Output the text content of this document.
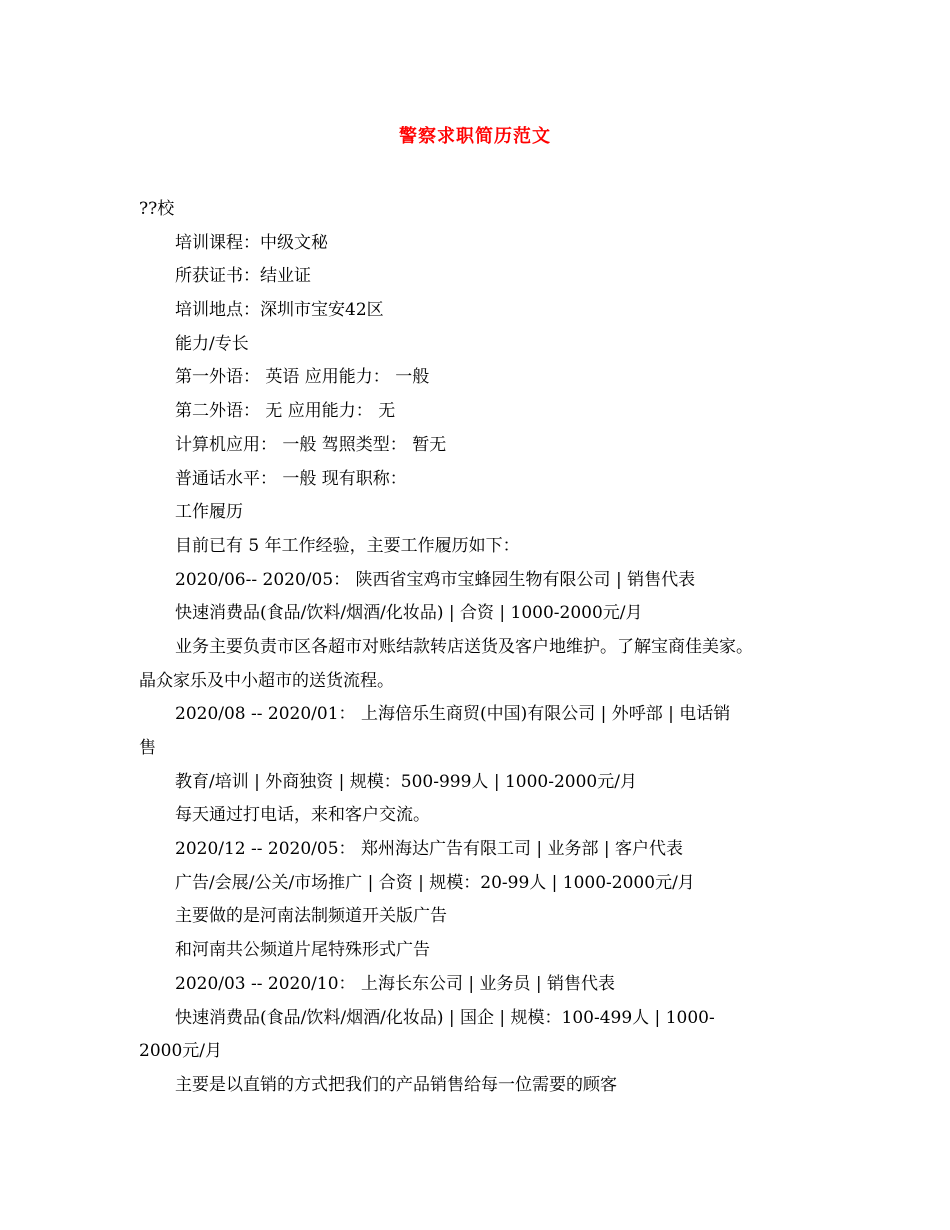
警察求职简历范文
??校
培训课程：中级文秘
所获证书：结业证
培训地点：深圳市宝安42区
能力/专长
第一外语： 英语 应用能力： 一般
第二外语： 无 应用能力： 无
计算机应用： 一般 驾照类型： 暂无
普通话水平： 一般 现有职称：
工作履历
目前已有 5 年工作经验，主要工作履历如下：
2020/06-- 2020/05： 陕西省宝鸡市宝蜂园生物有限公司 | 销售代表
快速消费品(食品/饮料/烟酒/化妆品) | 合资 | 1000-2000元/月
业务主要负责市区各超市对账结款转店送货及客户地维护。了解宝商佳美家。
晶众家乐及中小超市的送货流程。
2020/08 -- 2020/01： 上海倍乐生商贸(中国)有限公司 | 外呼部 | 电话销
售
教育/培训 | 外商独资 | 规模：500-999人 | 1000-2000元/月
每天通过打电话，来和客户交流。
2020/12 -- 2020/05： 郑州海达广告有限工司 | 业务部 | 客户代表
广告/会展/公关/市场推广 | 合资 | 规模：20-99人 | 1000-2000元/月
主要做的是河南法制频道开关版广告
和河南共公频道片尾特殊形式广告
2020/03 -- 2020/10： 上海长东公司 | 业务员 | 销售代表
快速消费品(食品/饮料/烟酒/化妆品) | 国企 | 规模：100-499人 | 1000-
2000元/月
主要是以直销的方式把我们的产品销售给每一位需要的顾客
